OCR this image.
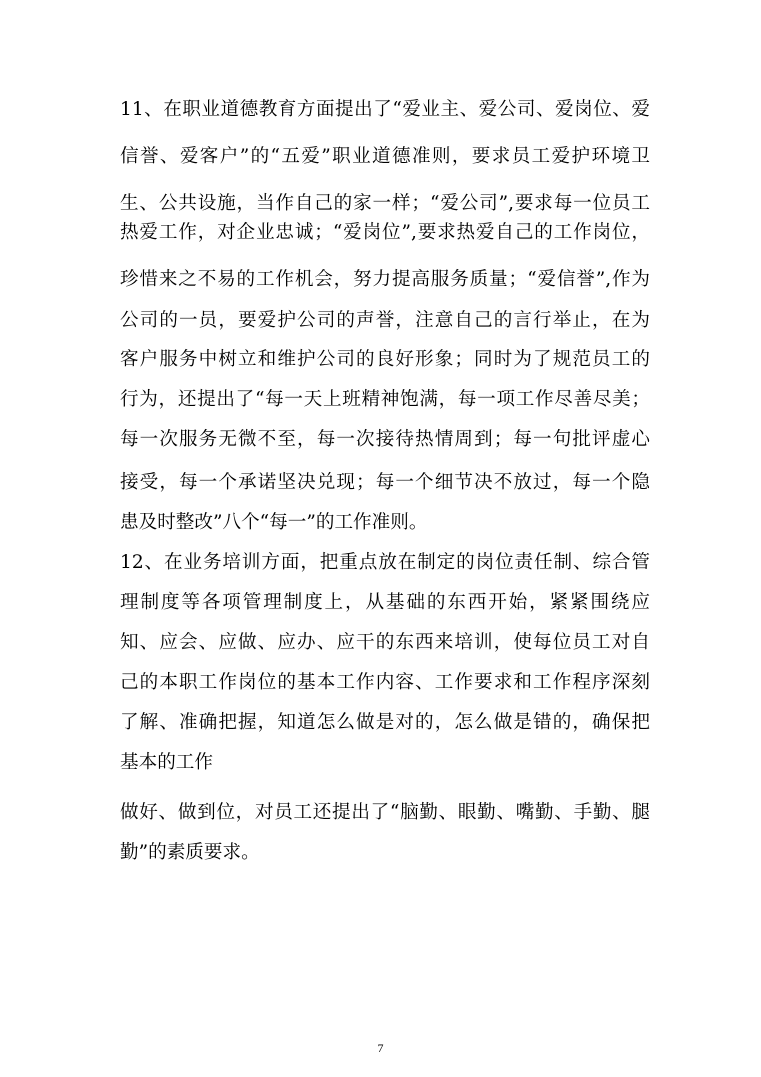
11、在职业道德教育方面提出了“爱业主、爱公司、爱岗位、爱
信誉、爱客户”的“五爱”职业道德准则，要求员工爱护环境卫
生、公共设施，当作自己的家一样；“爱公司”,要求每一位员工
热爱工作，对企业忠诚；“爱岗位”,要求热爱自己的工作岗位，
珍惜来之不易的工作机会，努力提高服务质量；“爱信誉”,作为
公司的一员，要爱护公司的声誉，注意自己的言行举止，在为
客户服务中树立和维护公司的良好形象；同时为了规范员工的
行为，还提出了“每一天上班精神饱满，每一项工作尽善尽美；
每一次服务无微不至，每一次接待热情周到；每一句批评虚心
接受，每一个承诺坚决兑现；每一个细节决不放过，每一个隐
患及时整改”八个“每一”的工作准则。
12、在业务培训方面，把重点放在制定的岗位责任制、综合管
理制度等各项管理制度上，从基础的东西开始，紧紧围绕应
知、应会、应做、应办、应干的东西来培训，使每位员工对自
己的本职工作岗位的基本工作内容、工作要求和工作程序深刻
了解、准确把握，知道怎么做是对的，怎么做是错的，确保把
基本的工作
做好、做到位，对员工还提出了“脑勤、眼勤、嘴勤、手勤、腿
勤”的素质要求。
7
